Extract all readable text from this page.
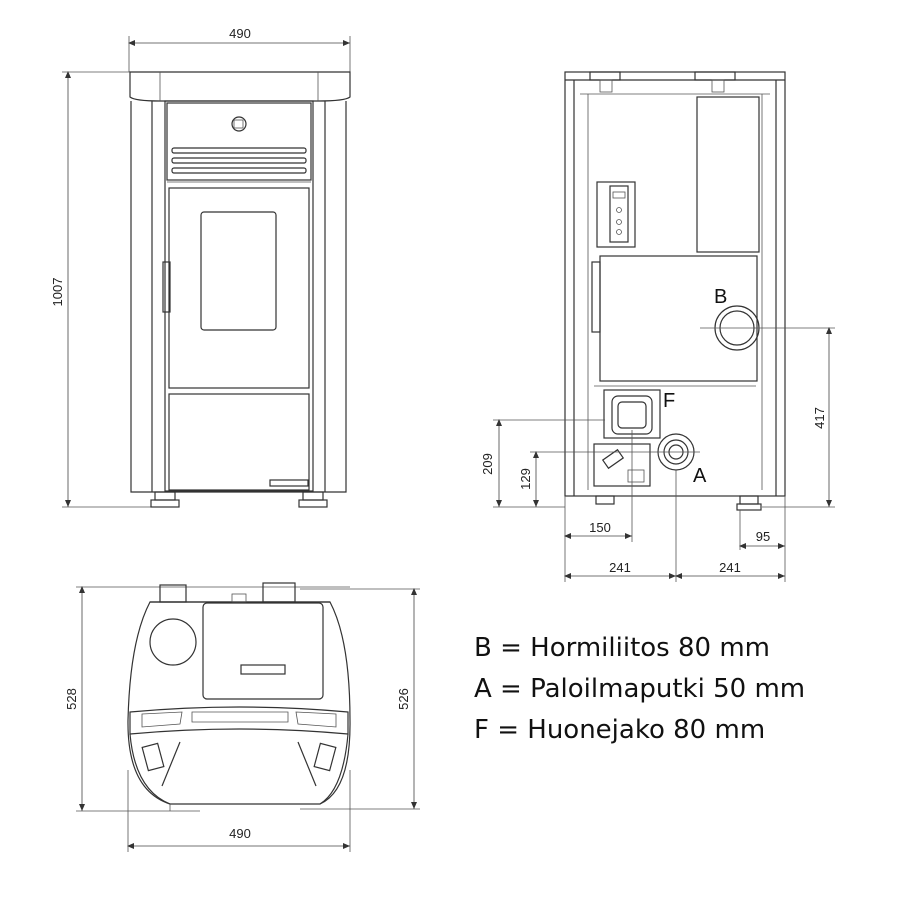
490
1007	B
F
A
417
209
129
150
95
241	241
528	526
490
B = Hormiliitos 80 mm
A = Paloilmaputki 50 mm
F = Huonejako 80 mm
